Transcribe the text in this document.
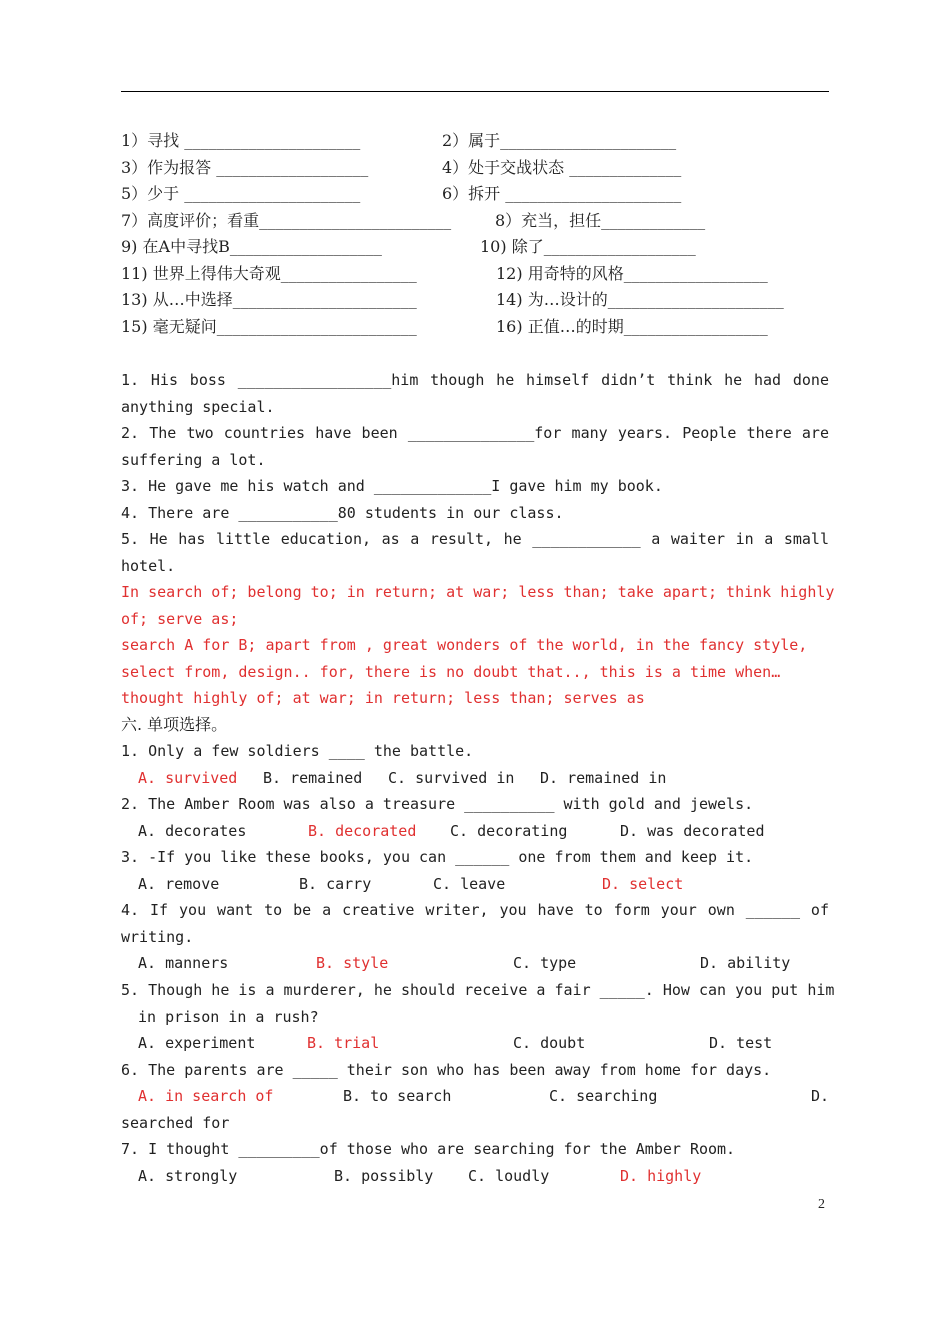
1）寻找 ______________________	2）属于______________________
3）作为报答 ___________________	4）处于交战状态 ______________
5）少于 ______________________	6）拆开 ______________________
7）高度评价；看重________________________	8）充当，担任_____________
9) 在A中寻找B___________________	10) 除了___________________
11) 世界上得伟大奇观_________________	12) 用奇特的风格__________________
13) 从…中选择_______________________	14) 为…设计的______________________
15) 毫无疑问_________________________	16) 正值…的时期__________________
1. His boss _________________him though he himself didn’t think he had done
anything special.
2. The two countries have been ______________for many years. People there are
suffering a lot.
3. He gave me his watch and _____________I gave him my book.
4. There are ___________80 students in our class.
5. He has little education, as a result, he ____________ a waiter in a small
hotel.
In search of; belong to; in return; at war; less than; take apart; think highly
of; serve as;
search A for B; apart from , great wonders of the world, in the fancy style,
select from, design.. for, there is no doubt that.., this is a time when…
thought highly of; at war; in return; less than; serves as
六. 单项选择。
1. Only a few soldiers ____ the battle.
A. survived B. remained C. survived in D. remained in
2. The Amber Room was also a treasure __________ with gold and jewels.
A. decorates	B. decorated C. decorating	D. was decorated
3. -If you like these books, you can ______ one from them and keep it.
A. remove	B. carry	C. leave	D. select
4. If you want to be a creative writer, you have to form your own ______ of
writing.
A. manners	B. style	C. type	D. ability
5. Though he is a murderer, he should receive a fair _____. How can you put him
in prison in a rush?
A. experiment	B. trial	C. doubt	D. test
6. The parents are _____ their son who has been away from home for days.
A. in search of	B. to search	C. searching	D.
searched for
7. I thought _________of those who are searching for the Amber Room.
A. strongly	B. possibly C. loudly	D. highly
2
